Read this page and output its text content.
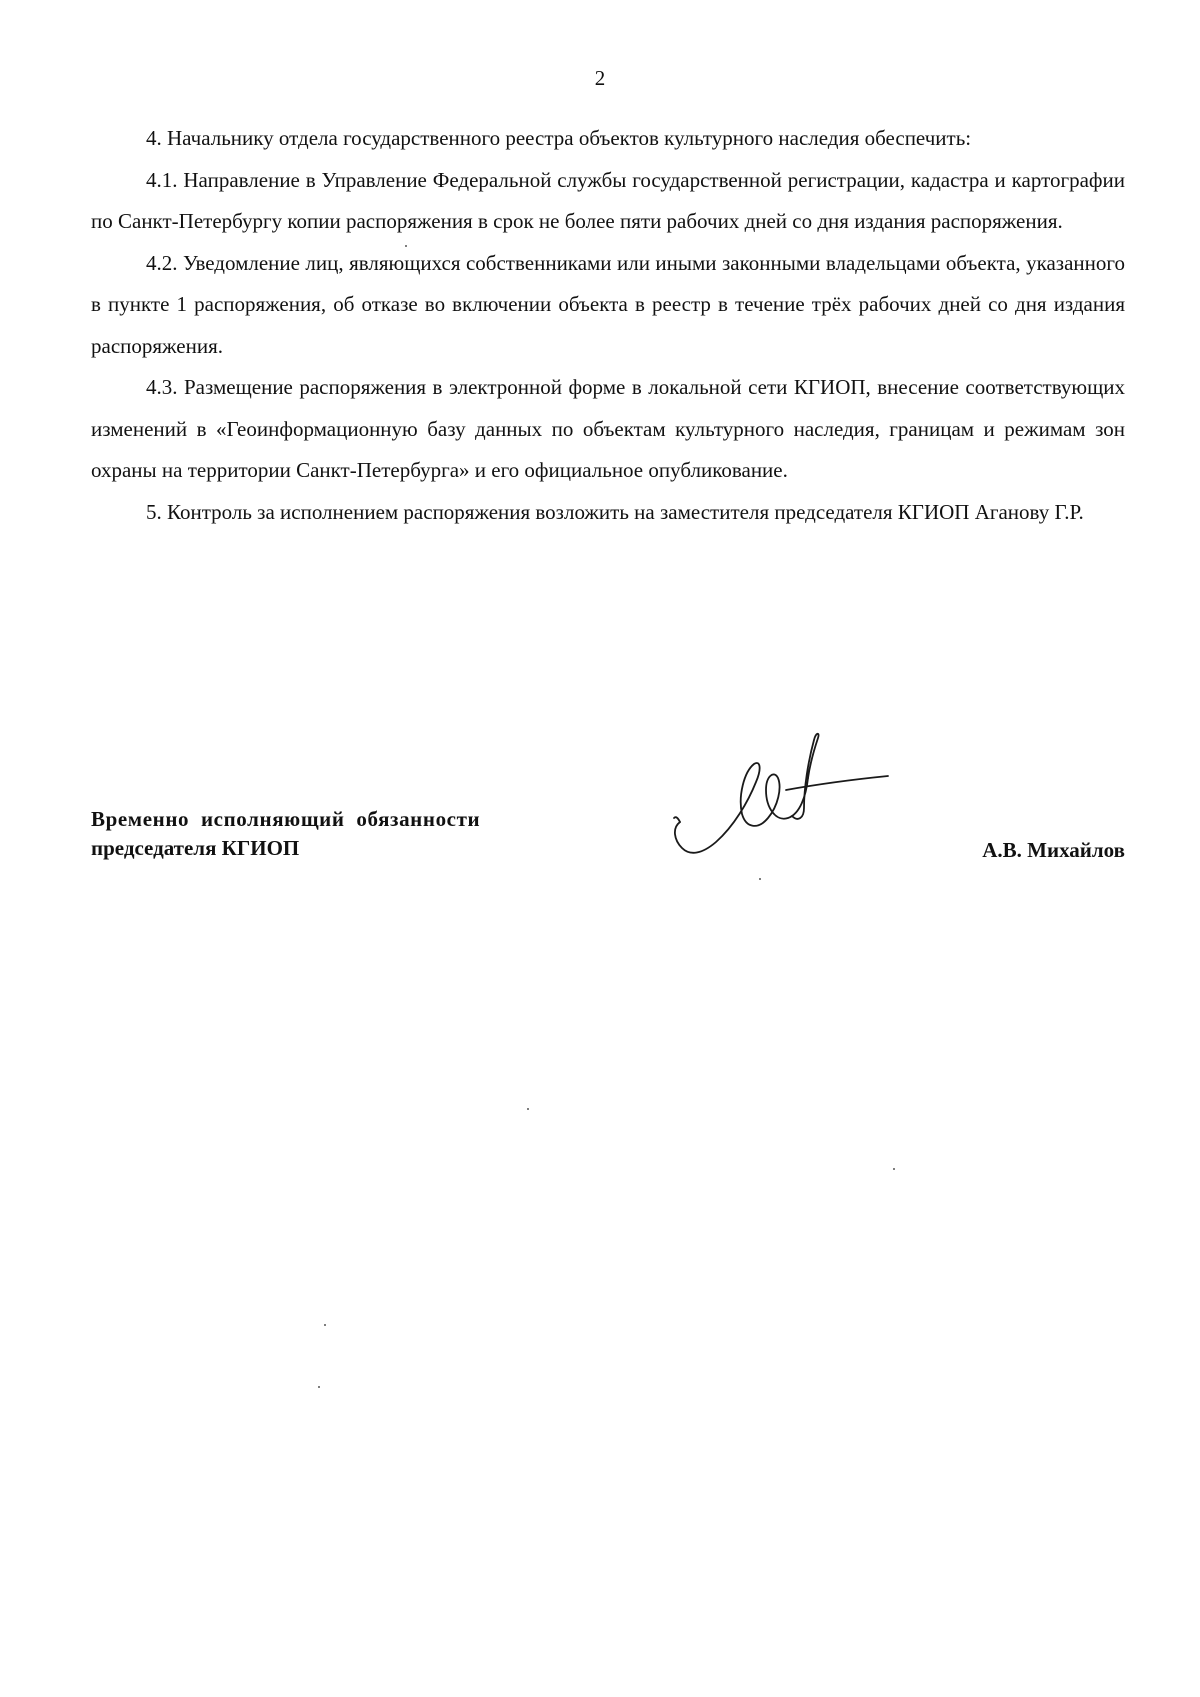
2

4. Начальнику отдела государственного реестра объектов культурного наследия обеспечить:

4.1. Направление в Управление Федеральной службы государственной регистрации, кадастра и картографии по Санкт-Петербургу копии распоряжения в срок не более пяти рабочих дней со дня издания распоряжения.

4.2. Уведомление лиц, являющихся собственниками или иными законными владельцами объекта, указанного в пункте 1 распоряжения, об отказе во включении объекта в реестр в течение трёх рабочих дней со дня издания распоряжения.

4.3. Размещение распоряжения в электронной форме в локальной сети КГИОП, внесение соответствующих изменений в «Геоинформационную базу данных по объектам культурного наследия, границам и режимам зон охраны на территории Санкт-Петербурга» и его официальное опубликование.

5. Контроль за исполнением распоряжения возложить на заместителя председателя КГИОП Аганову Г.Р.

Временно исполняющий обязанности
председателя КГИОП	А.В. Михайлов
